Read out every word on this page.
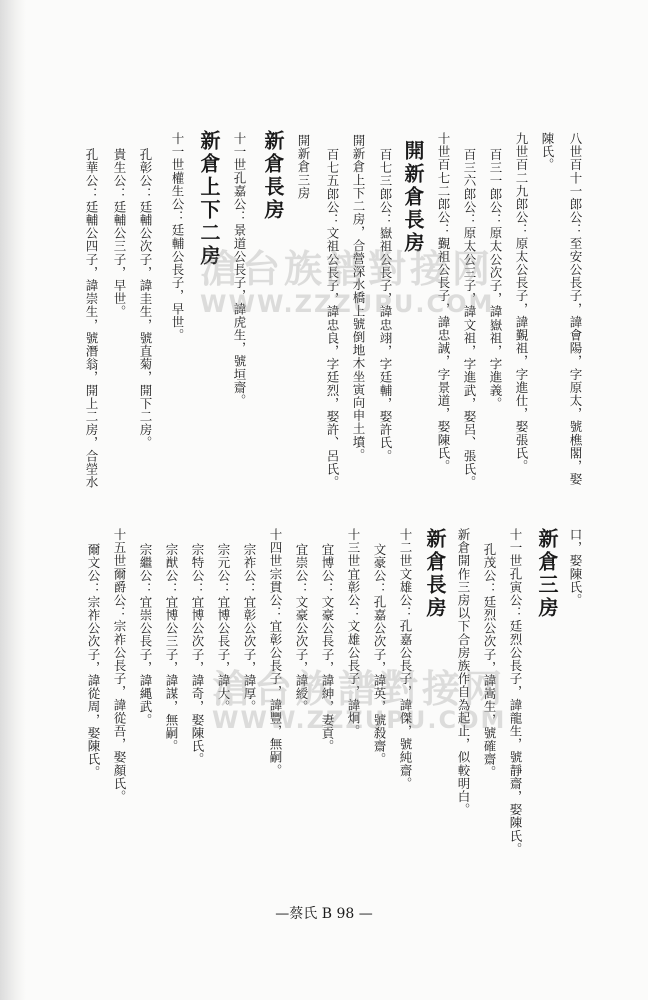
八世百十一郎公：至安公長子，諱會陽，字原太，號樵閣，娶
陳氏。
九世百二九郎公：原太公長子，諱覲祖，字進仕，娶張氏。
百三一郎公：原太公次子，諱嶽祖，字進義。
百三六郎公：原太公三子，諱文祖，字進武，娶呂、張氏。
十世百七二郎公：覲祖公長子，諱忠誠，字景道，娶陳氏。
開新倉長房
百七三郎公：嶽祖公長子，諱忠翊，字廷輔，娶許氏。
開新倉上下二房，合營深水橋上號倒地木坐寅向申土墳。
百七五郎公：文祖公長子，諱忠良，字廷烈，娶許、呂氏。
開新倉三房
新倉長房
十一世孔嘉公：景道公長子，諱虎生，號垣齋。
新倉上下二房
十一世權生公：廷輔公長子，早世。
孔彰公：廷輔公次子，諱圭生，號直菊，開下二房。
貴生公：廷輔公三子，早世。
孔華公：廷輔公四子，諱崇生，號潛翁，開上二房，合塋水
口，娶陳氏。
新倉三房
十一世孔寅公：廷烈公長子，諱龍生，號靜齋，娶陳氏。
孔茂公：廷烈公次子，諱嵩生，號確齋。
新倉開作三房以下合房族作自為起止，似較明白。
新倉長房
十二世文雄公：孔嘉公長子，諱傑，號純齋。
文豪公：孔嘉公次子，諱英，號殺齋。
十三世宜彰公：文雄公長子，諱炯。
宜博公：文豪公長子，諱紳，妻貢。
宜崇公：文豪公次子，諱綬。
十四世宗貫公：宜彰公長子，諱豐，無嗣。
宗祚公：宜彰公次子，諱厚。
宗元公：宜博公長子，諱大。
宗特公：宜博公次子，諱奇，娶陳氏。
宗猷公：宜博公三子，諱謀，無嗣。
宗繼公：宜崇公長子，諱縄武。
十五世爾爵公：宗祚公長子，諱從吾，娶顏氏。
爾文公：宗祚公次子，諱從周，娶陳氏。
滄台族譜對接网
WWW.ZZZUPU.COM
滄台族譜對接网
WWW.ZZZUPU.COM
—蔡氏 B 98 —
